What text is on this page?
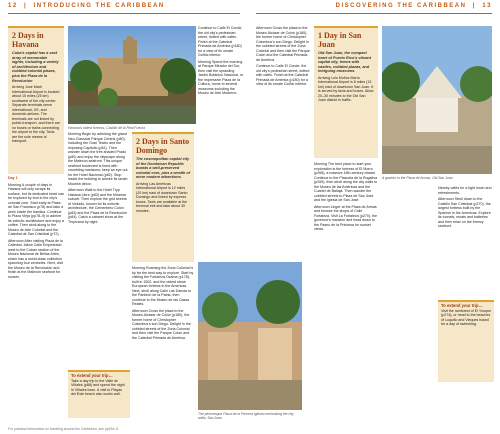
12  |  INTRODUCING THE CARIBBEAN	DISCOVERING THE CARIBBEAN  |  13
2 Days in Havana
Cuba's capital has a vast array of memorable sights, including a variety of architecture and cobbled colonial plazas, plus the Plaza de la Revolución
Arriving José Martí International Airport is located about 15 miles (25 km) southwest of the city center. Separate terminals serve international, US, and domestic airlines. The terminals are not linked by public transport, and there are no buses or trains connecting the airport to the city. Taxis are the sole means of transport.
Havana's oldest fortress, Castillo de la Real Fuerza

Day 1

Morning A couple of days in Havana will only scrape its surface, but its dedicated heart can be explored by foot in the city's colonial core. Start early at Plaza de San Francisco (p78) and take a peek inside the basilica. Continue to Plaza Vieja (pp78–9) to admire its eclectic architecture and enjoy a coffee. Then stroll along to the Museo de Arte Colonial and the Catedral de San Cristóbal (p72).

Afternoon After visiting Plaza de la Catedral, follow Calle Empedrado west to the Cuban section of the Museo Nacional de Bellas Artes, which has a world-class collection spanning four centuries. Next, visit the Museo de la Revolución and finish at the Malecón seafront for sunset.

Morning Begin by admiring the grand Neo-Classical Parque Central (p80), including the Gran Teatro and the imposing Capitolio (p81). Then wander down the tree-shaded Prado (p80) and enjoy the cityscape along the Malecón seafront. This unique seafront boulevard is lined with crumbling mansions; keep an eye out for the Hotel Nacional (p82). Stop inside the building to admire its lavish Moorish décor.

Afternoon Walk to the Hotel Tryp Habana Libre (p83) and the Miramar suburb. Then explore the grid streets of Vedado, known for its eclectic architecture, the Cementerio Colón (p83) and the Plaza de la Revolución (p84). Catch a cabaret show at the Tropicana by night.

To extend your trip…
Take a day trip to the Valle de Viñales (p88) and spend the night in Viñales town. A visit to Playas del Este beach also works well.
2 Days in Santo Domingo
The cosmopolitan capital city of the Dominican Republic boasts a well-preserved colonial core, plus a wealth of more modern attractions.
Arriving Las Américas International Airport is 12 miles (20 km) east of downtown Santo Domingo and linked by express buses. Taxis are available at the terminal exit and take about 30 minutes.

Morning Roaming the Zona Colonial is by far the best way to explore. Start by visiting the Fortaleza Ozama (p178), built in 1502, and the oldest stone European fortress in the Americas. Next, stroll along Calle Las Damas to the Panteón de la Patria, then continue to the Museo de las Casas Reales.

Afternoon Cross the plaza to the Museo Alcázar de Colón (p180), the former home of Christopher Columbus's son Diego. Delight in the cobbled streets of the Zona Colonial and then visit the Parque Colón and the Catedral Primada de América.

Continue to Calle El Conde, the old city's pedestrian street, dotted with cafés. Finish at the Catedral Primada de América (p180) for a view of its ornate Gothic interior.

Morning Spend the morning at Parque Mirador del Sur, then visit the sprawling Jardín Botánico Nacional, or the impressive Plaza de la Cultura, home to several museums including the Museo de Arte Moderno.

The picturesque Plaza de la Primera Iglesia overlooking the city walls, San Juan

Afternoon Cross the plaza to the Museo Alcázar de Colón (p180), the former home of Christopher Columbus's son Diego. Delight in the cobbled streets of the Zona Colonial and then visit the Parque Colón and the Catedral Primada de América.

Continue to Calle El Conde, the old city's pedestrian street, dotted with cafés. Finish at the Catedral Primada de América (p180) for a view of its ornate Gothic interior.

1 Day in San Juan
Old San Juan, the compact heart of Puerto Rico's vibrant capital city, teems with castles, cobbled plazas, and intriguing museums.
Arriving Luis Muñoz Marín International Airport is 8 miles (13 km) east of downtown San Juan. It is served by taxis and buses. Allow 20–30 minutes to the Old San Juan district in traffic.

Morning The best place to start your exploration is the fortress of El Morro (p268), a massive 16th-century citadel. Continue to the Plazuela de la Rogativa (p269), then stroll along the city walls to the Museo de las Américas and the Cuartel de Ballajá. Then wander the cobbled streets to Plaza de San José and the Iglesia de San José.

Afternoon Linger at the Plaza de Armas and browse the shops of Calle Fortaleza. Visit La Fortaleza (p270), the governor's mansion and head down to the Paseo de la Princesa for sunset views.

A gazebo in the Plaza de Armas, Old San Juan

Nearby cafés for a light lunch and refreshments.

Afternoon Stroll down to the Castillo San Cristóbal (p270), the largest fortress built by the Spanish in the Americas. Explore its tunnels, moats and batteries and then relax on the breezy seafront.

To extend your trip…
Visit the rainforest of El Yunque (p274), or head to the beaches of Luquillo and Vieques island for a day of swimming.
For practical information on traveling around the Caribbean, see pp294–5
